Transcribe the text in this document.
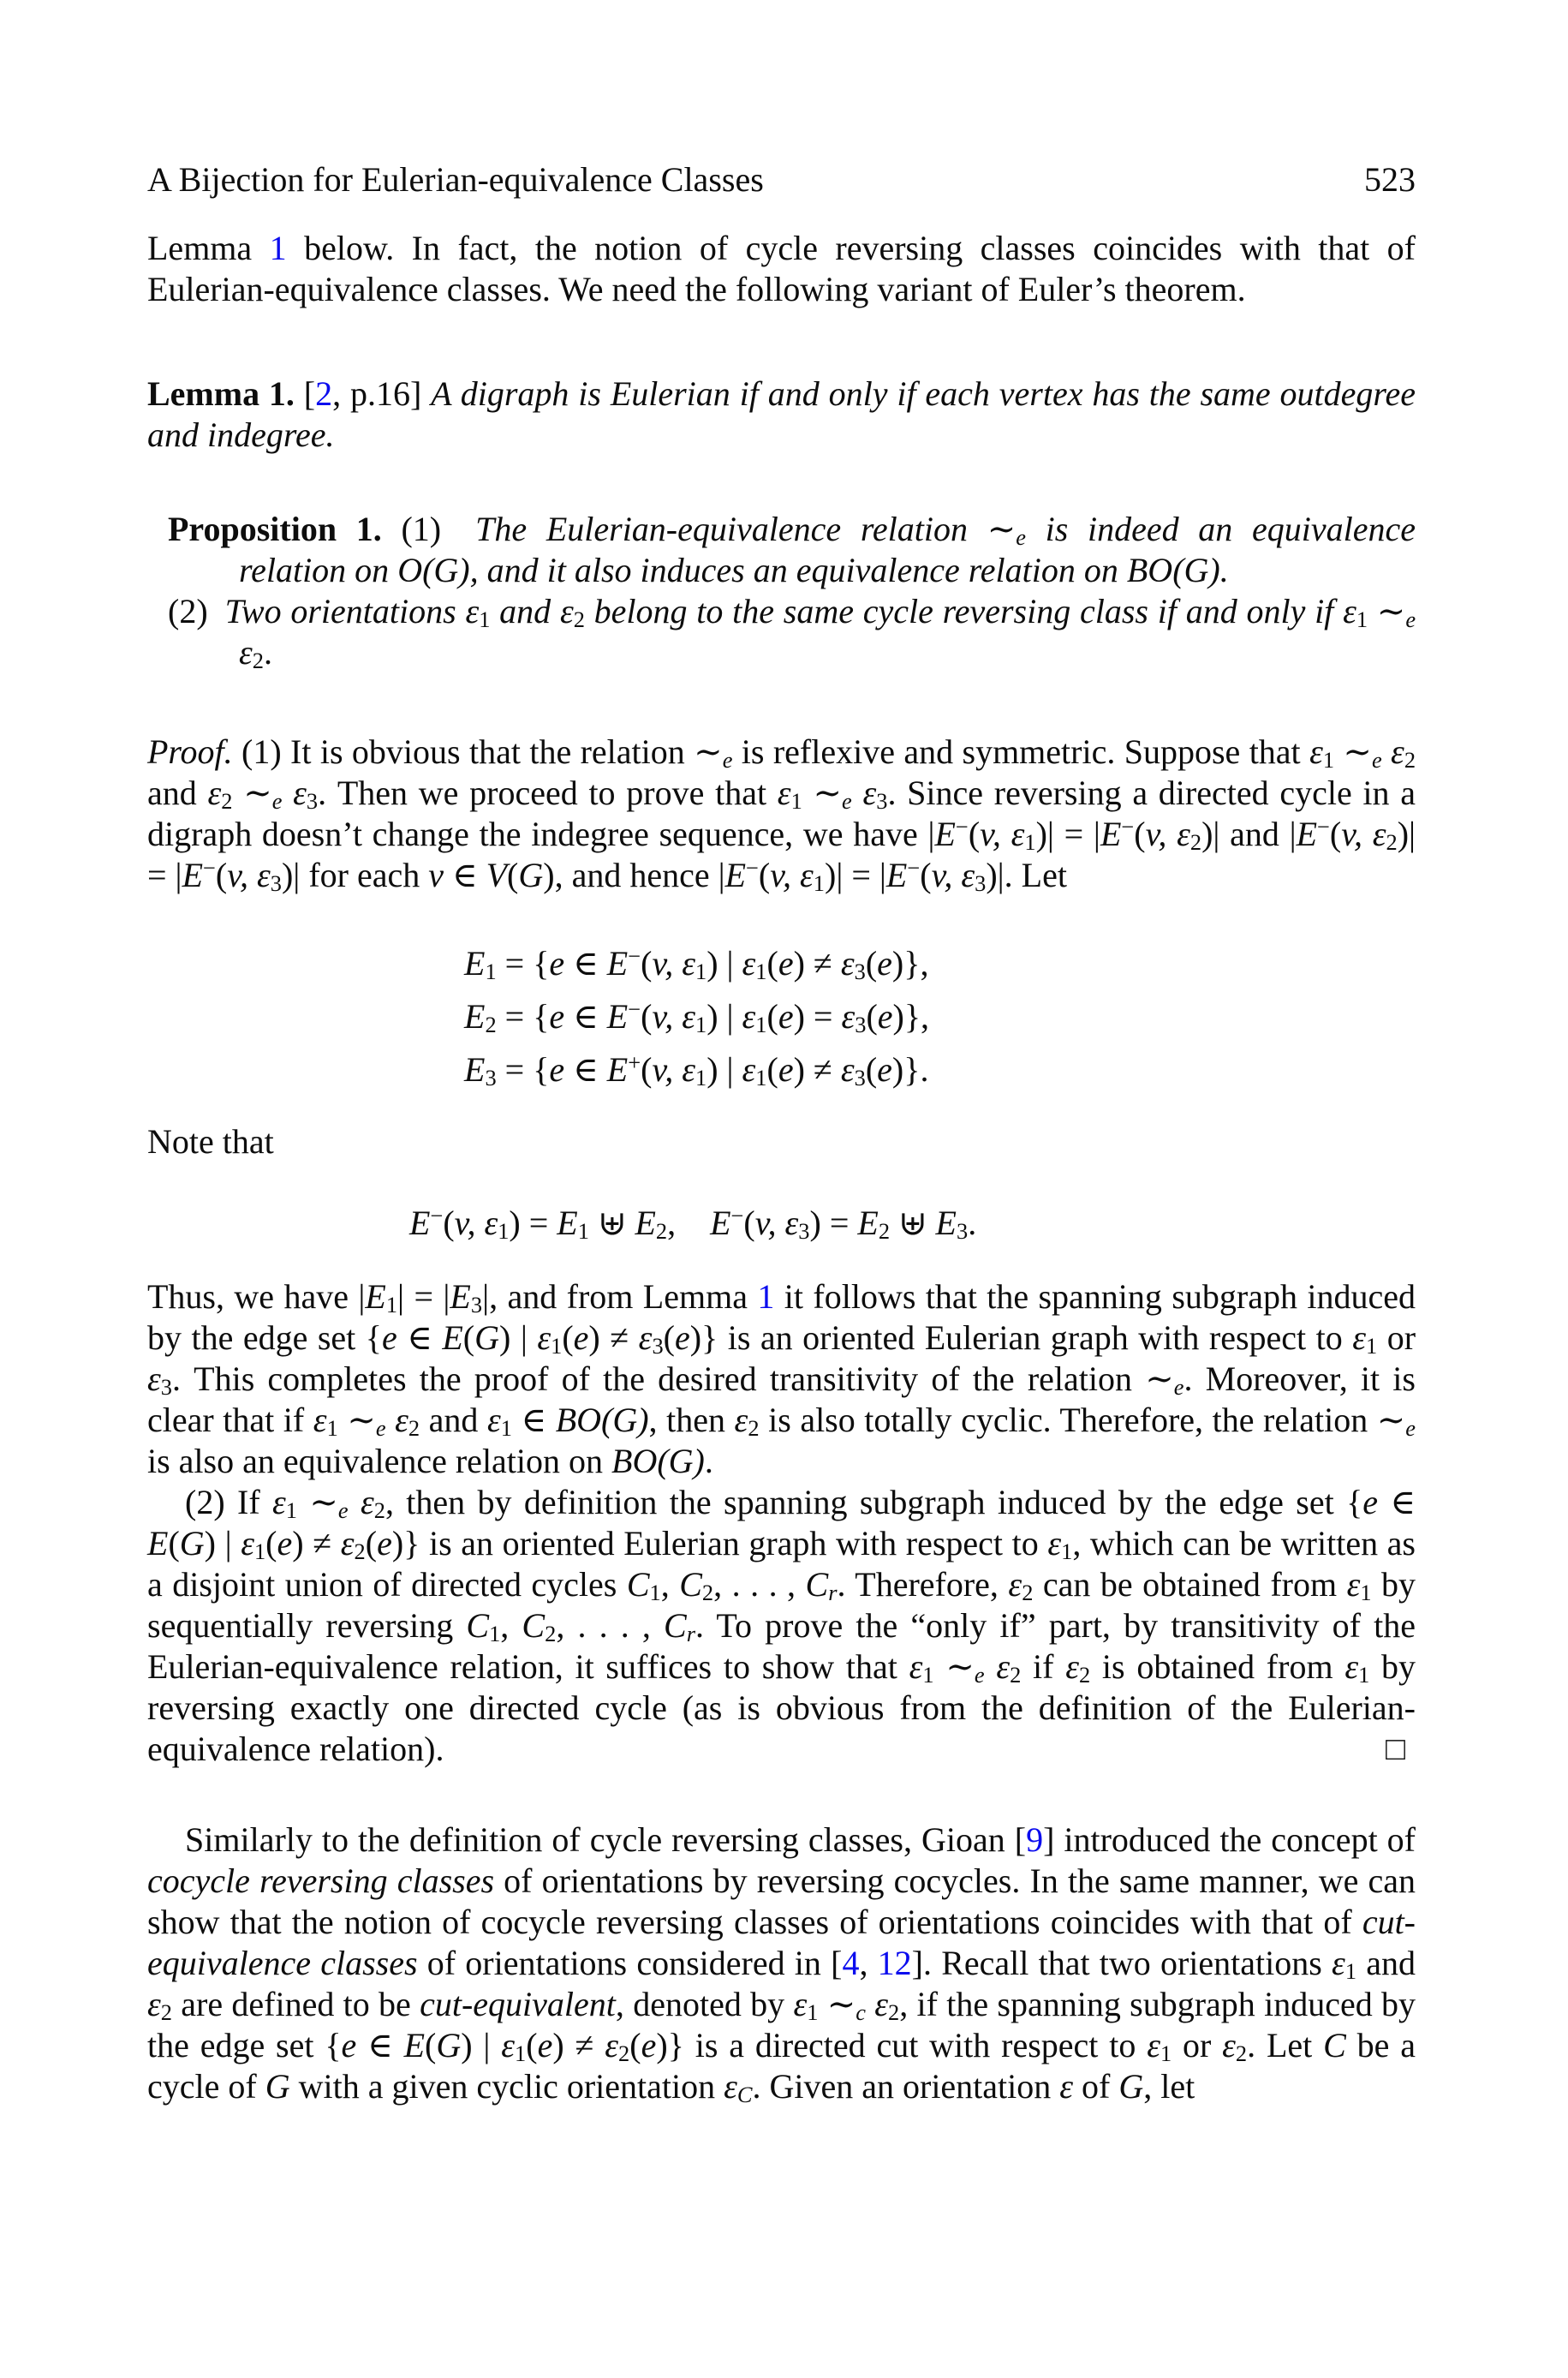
A Bijection for Eulerian-equivalence Classes	523
Lemma 1 below. In fact, the notion of cycle reversing classes coincides with that of Eulerian-equivalence classes. We need the following variant of Euler’s theorem.
Lemma 1. [2, p.16] A digraph is Eulerian if and only if each vertex has the same outdegree and indegree.
Proposition 1. (1) The Eulerian-equivalence relation $\sim_e$ is indeed an equivalence relation on O(G), and it also induces an equivalence relation on BO(G).
(2) Two orientations $\varepsilon_1$ and $\varepsilon_2$ belong to the same cycle reversing class if and only if $\varepsilon_1$ $\sim_e$ $\varepsilon_2$.
Proof. (1) It is obvious that the relation $\sim_e$ is reflexive and symmetric. Suppose that $\varepsilon_1$ $\sim_e$ $\varepsilon_2$ and $\varepsilon_2$ $\sim_e$ $\varepsilon_3$. Then we proceed to prove that $\varepsilon_1$ $\sim_e$ $\varepsilon_3$. Since reversing a directed cycle in a digraph doesn’t change the indegree sequence, we have |E−(v, $\varepsilon_1)| = |E^-(v$, $\varepsilon_2)|$ and |E−(v, $\varepsilon_2)| = |E^-(v$, $\varepsilon_3)|$ for each v ∈ V(G), and hence |E−(v, $\varepsilon_1)| = |E^-(v$, $\varepsilon_3)|$. Let
$E_1 = \{e$ ∈ E−(v, $\varepsilon_1$) | $\varepsilon_1(e) \ne \varepsilon_3(e)$},
$E_2 = \{e$ ∈ E−(v, $\varepsilon_1$) | $\varepsilon_1(e) = \varepsilon_3(e)$},
$E_3 = \{e$ ∈ E+(v, $\varepsilon_1$) | $\varepsilon_1(e) \ne \varepsilon_3(e)$}.
Note that
E−(v, $\varepsilon_1) = E_1$ ⊎ $E_2$, E−(v, $\varepsilon_3) = E_2$ ⊎ $E_3$.
Thus, we have $|E_1| = |E_3|$, and from Lemma 1 it follows that the spanning subgraph induced by the edge set {e ∈ E(G) | $\varepsilon_1(e) \ne \varepsilon_3(e)$} is an oriented Eulerian graph with respect to $\varepsilon_1$ or $\varepsilon_3$. This completes the proof of the desired transitivity of the relation $\sim_e$. Moreover, it is clear that if $\varepsilon_1$ $\sim_e$ $\varepsilon_2$ and $\varepsilon_1$ ∈ BO(G), then $\varepsilon_2$ is also totally cyclic. Therefore, the relation $\sim_e$ is also an equivalence relation on BO(G).
(2) If $\varepsilon_1$ $\sim_e$ $\varepsilon_2$, then by definition the spanning subgraph induced by the edge set {e ∈ E(G) | $\varepsilon_1(e) \ne \varepsilon_2(e)$} is an oriented Eulerian graph with respect to $\varepsilon_1$, which can be written as a disjoint union of directed cycles $C_1$, $C_2$, . . . , $C_r$. Therefore, $\varepsilon_2$ can be obtained from $\varepsilon_1$ by sequentially reversing $C_1$, $C_2$, . . . , $C_r$. To prove the “only if” part, by transitivity of the Eulerian-equivalence relation, it suffices to show that $\varepsilon_1$ $\sim_e$ $\varepsilon_2$ if $\varepsilon_2$ is obtained from $\varepsilon_1$ by reversing exactly one directed cycle (as is obvious from the definition of the Eulerian-equivalence relation).	□
Similarly to the definition of cycle reversing classes, Gioan [9] introduced the concept of cocycle reversing classes of orientations by reversing cocycles. In the same manner, we can show that the notion of cocycle reversing classes of orientations coincides with that of cut-equivalence classes of orientations considered in [4, 12]. Recall that two orientations $\varepsilon_1$ and $\varepsilon_2$ are defined to be cut-equivalent, denoted by $\varepsilon_1$ $\sim_c$ $\varepsilon_2$, if the spanning subgraph induced by the edge set {e ∈ E(G) | $\varepsilon_1(e) \ne \varepsilon_2(e)$} is a directed cut with respect to $\varepsilon_1$ or $\varepsilon_2$. Let C be a cycle of G with a given cyclic orientation $\varepsilon_C$. Given an orientation ε of G, let
